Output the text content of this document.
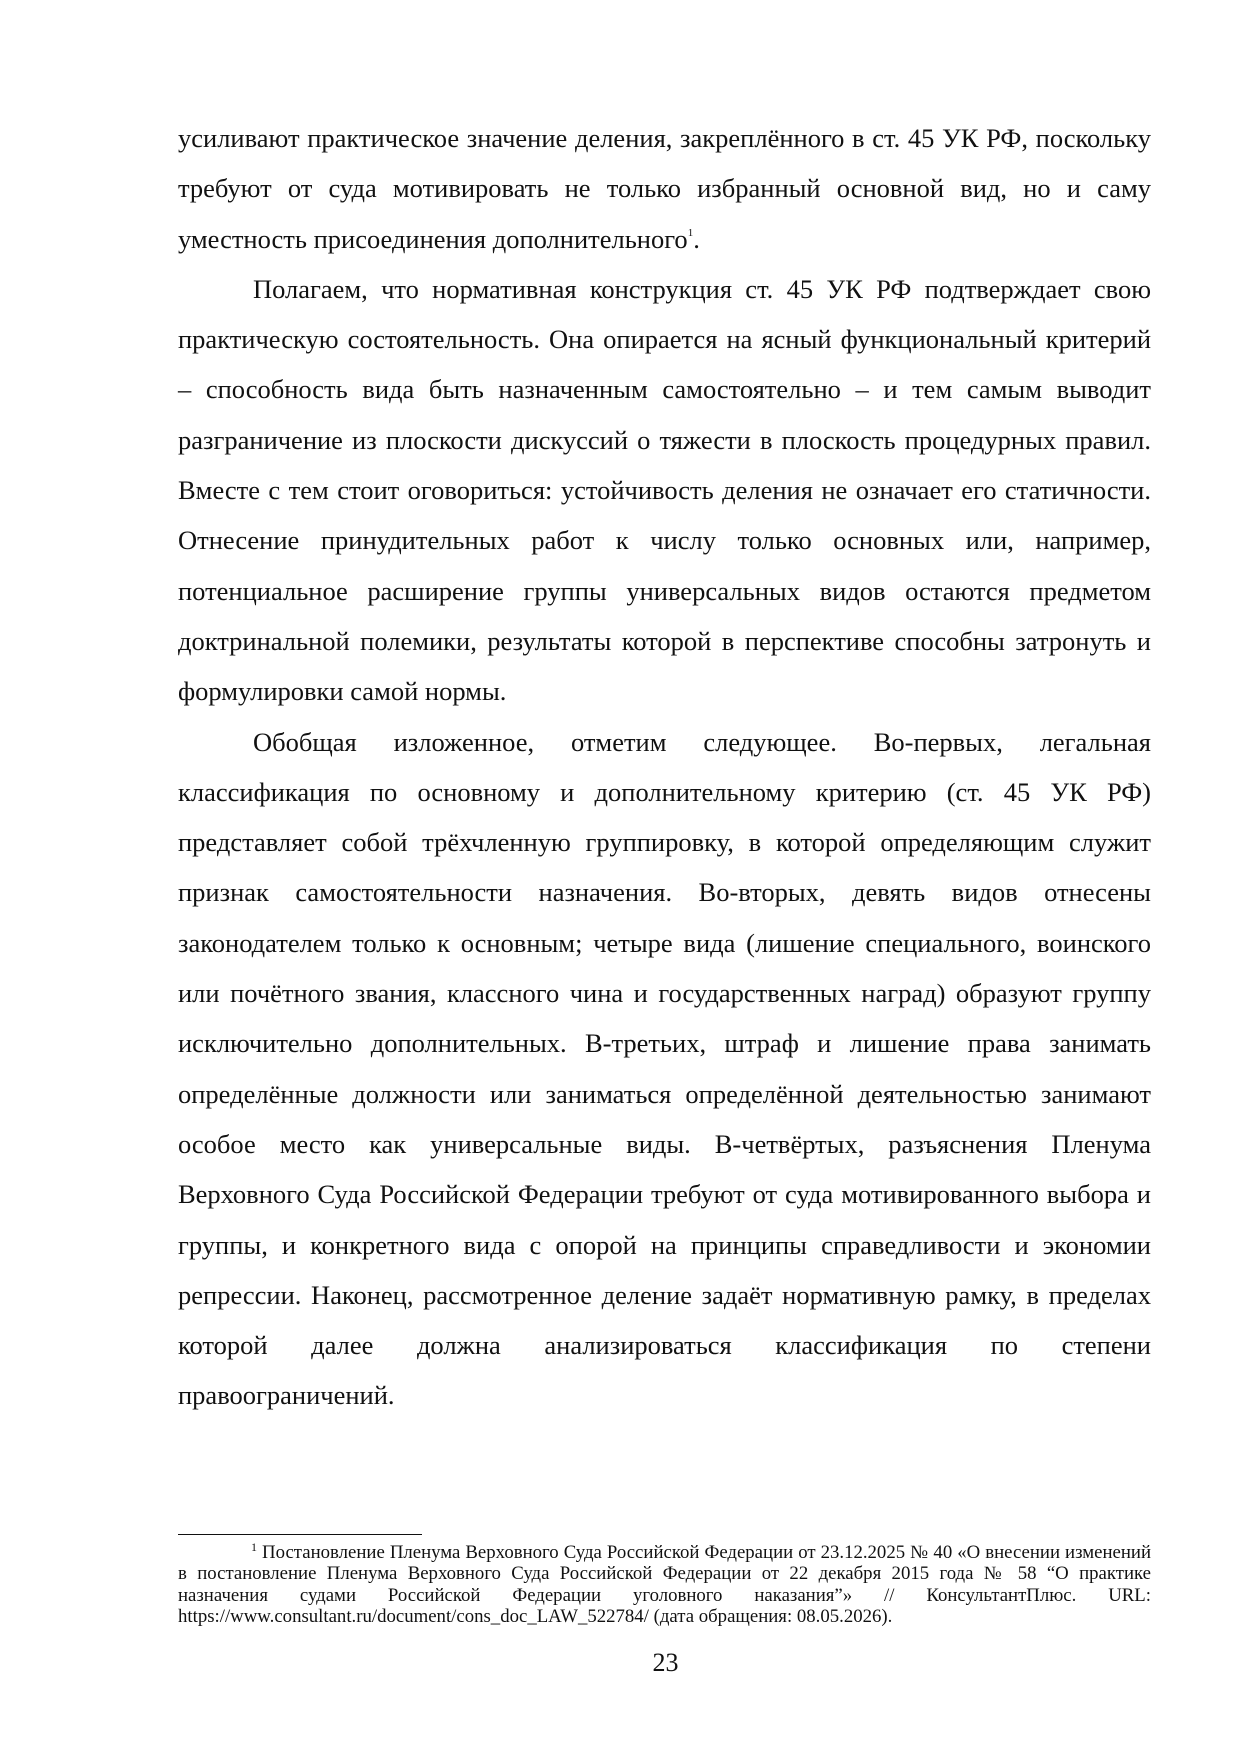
усиливают практическое значение деления, закреплённого в ст. 45 УК РФ, поскольку требуют от суда мотивировать не только избранный основной вид, но и саму уместность присоединения дополнительного$^1$.

Полагаем, что нормативная конструкция ст. 45 УК РФ подтверждает свою практическую состоятельность. Она опирается на ясный функциональный критерий – способность вида быть назначенным самостоятельно – и тем самым выводит разграничение из плоскости дискуссий о тяжести в плоскость процедурных правил. Вместе с тем стоит оговориться: устойчивость деления не означает его статичности. Отнесение принудительных работ к числу только основных или, например, потенциальное расширение группы универсальных видов остаются предметом доктринальной полемики, результаты которой в перспективе способны затронуть и формулировки самой нормы.

Обобщая изложенное, отметим следующее. Во-первых, легальная классификация по основному и дополнительному критерию (ст. 45 УК РФ) представляет собой трёхчленную группировку, в которой определяющим служит признак самостоятельности назначения. Во-вторых, девять видов отнесены законодателем только к основным; четыре вида (лишение специального, воинского или почётного звания, классного чина и государственных наград) образуют группу исключительно дополнительных. В-третьих, штраф и лишение права занимать определённые должности или заниматься определённой деятельностью занимают особое место как универсальные виды. В-четвёртых, разъяснения Пленума Верховного Суда Российской Федерации требуют от суда мотивированного выбора и группы, и конкретного вида с опорой на принципы справедливости и экономии репрессии. Наконец, рассмотренное деление задаёт нормативную рамку, в пределах которой далее должна анализироваться классификация по степени правоограничений.

$^1$ Постановление Пленума Верховного Суда Российской Федерации от 23.12.2025 № 40 «О внесении изменений в постановление Пленума Верховного Суда Российской Федерации от 22 декабря 2015 года № 58 “О практике назначения судами Российской Федерации уголовного наказания”» // КонсультантПлюс. URL: https://www.consultant.ru/document/cons_doc_LAW_522784/ (дата обращения: 08.05.2026).

23
